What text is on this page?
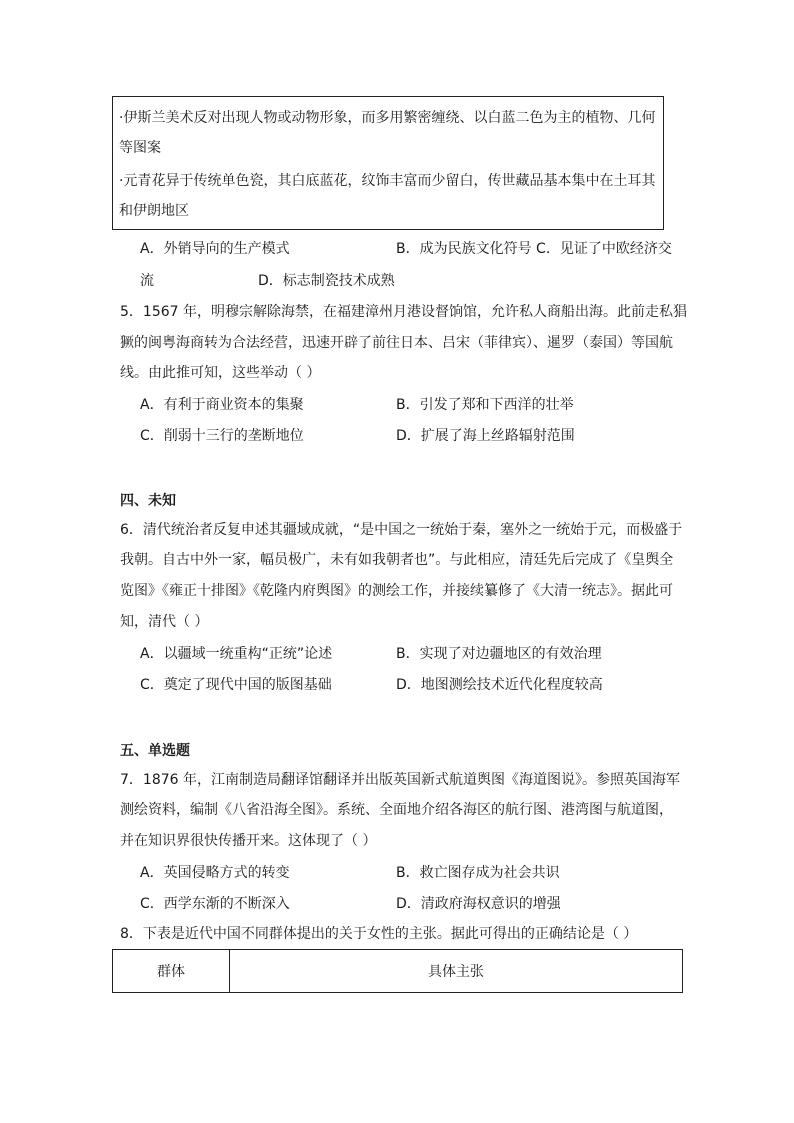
·伊斯兰美术反对出现人物或动物形象，而多用繁密缠绕、以白蓝二色为主的植物、几何
等图案
·元青花异于传统单色瓷，其白底蓝花，纹饰丰富而少留白，传世藏品基本集中在土耳其
和伊朗地区
A．外销导向的生产模式	B．成为民族文化符号 C．见证了中欧经济交
流	D．标志制瓷技术成熟
5．1567 年，明穆宗解除海禁，在福建漳州月港设督饷馆，允许私人商船出海。此前走私猖
獗的闽粤海商转为合法经营，迅速开辟了前往日本、吕宋（菲律宾）、暹罗（泰国）等国航
线。由此推可知，这些举动（ ）
A．有利于商业资本的集聚	B．引发了郑和下西洋的壮举
C．削弱十三行的垄断地位	D．扩展了海上丝路辐射范围
四、未知
6．清代统治者反复申述其疆域成就，“是中国之一统始于秦，塞外之一统始于元，而极盛于
我朝。自古中外一家，幅员极广，未有如我朝者也”。与此相应，清廷先后完成了《皇舆全
览图》《雍正十排图》《乾隆内府舆图》的测绘工作，并接续纂修了《大清一统志》。据此可
知，清代（ ）
A．以疆域一统重构“正统”论述	B．实现了对边疆地区的有效治理
C．奠定了现代中国的版图基础	D．地图测绘技术近代化程度较高
五、单选题
7．1876 年，江南制造局翻译馆翻译并出版英国新式航道舆图《海道图说》。参照英国海军
测绘资料，编制《八省沿海全图》。系统、全面地介绍各海区的航行图、港湾图与航道图，
并在知识界很快传播开来。这体现了（ ）
A．英国侵略方式的转变	B．救亡图存成为社会共识
C．西学东渐的不断深入	D．清政府海权意识的增强
8．下表是近代中国不同群体提出的关于女性的主张。据此可得出的正确结论是（ ）
群体	具体主张
